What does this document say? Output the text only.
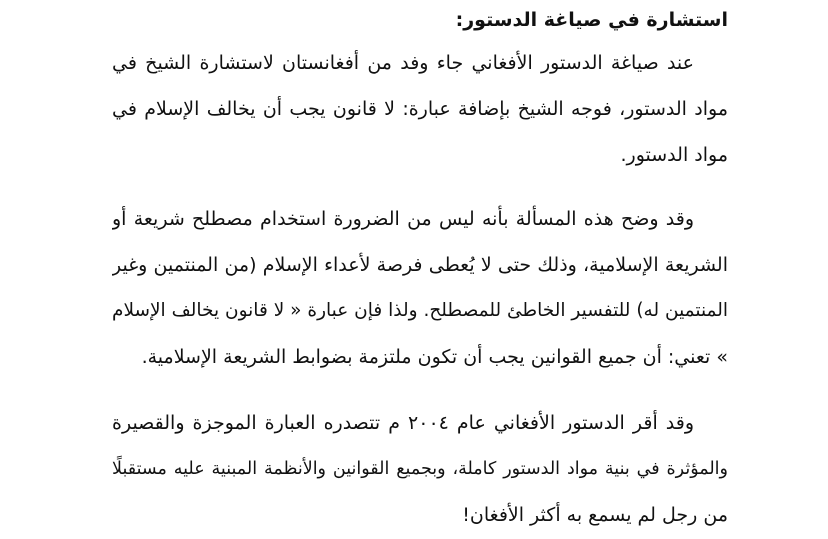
استشارة في صياغة الدستور:

عند صياغة الدستور الأفغاني جاء وفد من أفغانستان لاستشارة الشيخ في
مواد الدستور، فوجه الشيخ بإضافة عبارة: لا قانون يجب أن يخالف الإسلام في
مواد الدستور.

وقد وضح هذه المسألة بأنه ليس من الضرورة استخدام مصطلح شريعة أو
الشريعة الإسلامية، وذلك حتى لا يُعطى فرصة لأعداء الإسلام (من المنتمين وغير
المنتمين له) للتفسير الخاطئ للمصطلح. ولذا فإن عبارة « لا قانون يخالف الإسلام
» تعني: أن جميع القوانين يجب أن تكون ملتزمة بضوابط الشريعة الإسلامية.

وقد أقر الدستور الأفغاني عام ٢٠٠٤ م تتصدره العبارة الموجزة والقصيرة
والمؤثرة في بنية مواد الدستور كاملة، وبجميع القوانين والأنظمة المبنية عليه مستقبلًا
من رجل لم يسمع به أكثر الأفغان!
